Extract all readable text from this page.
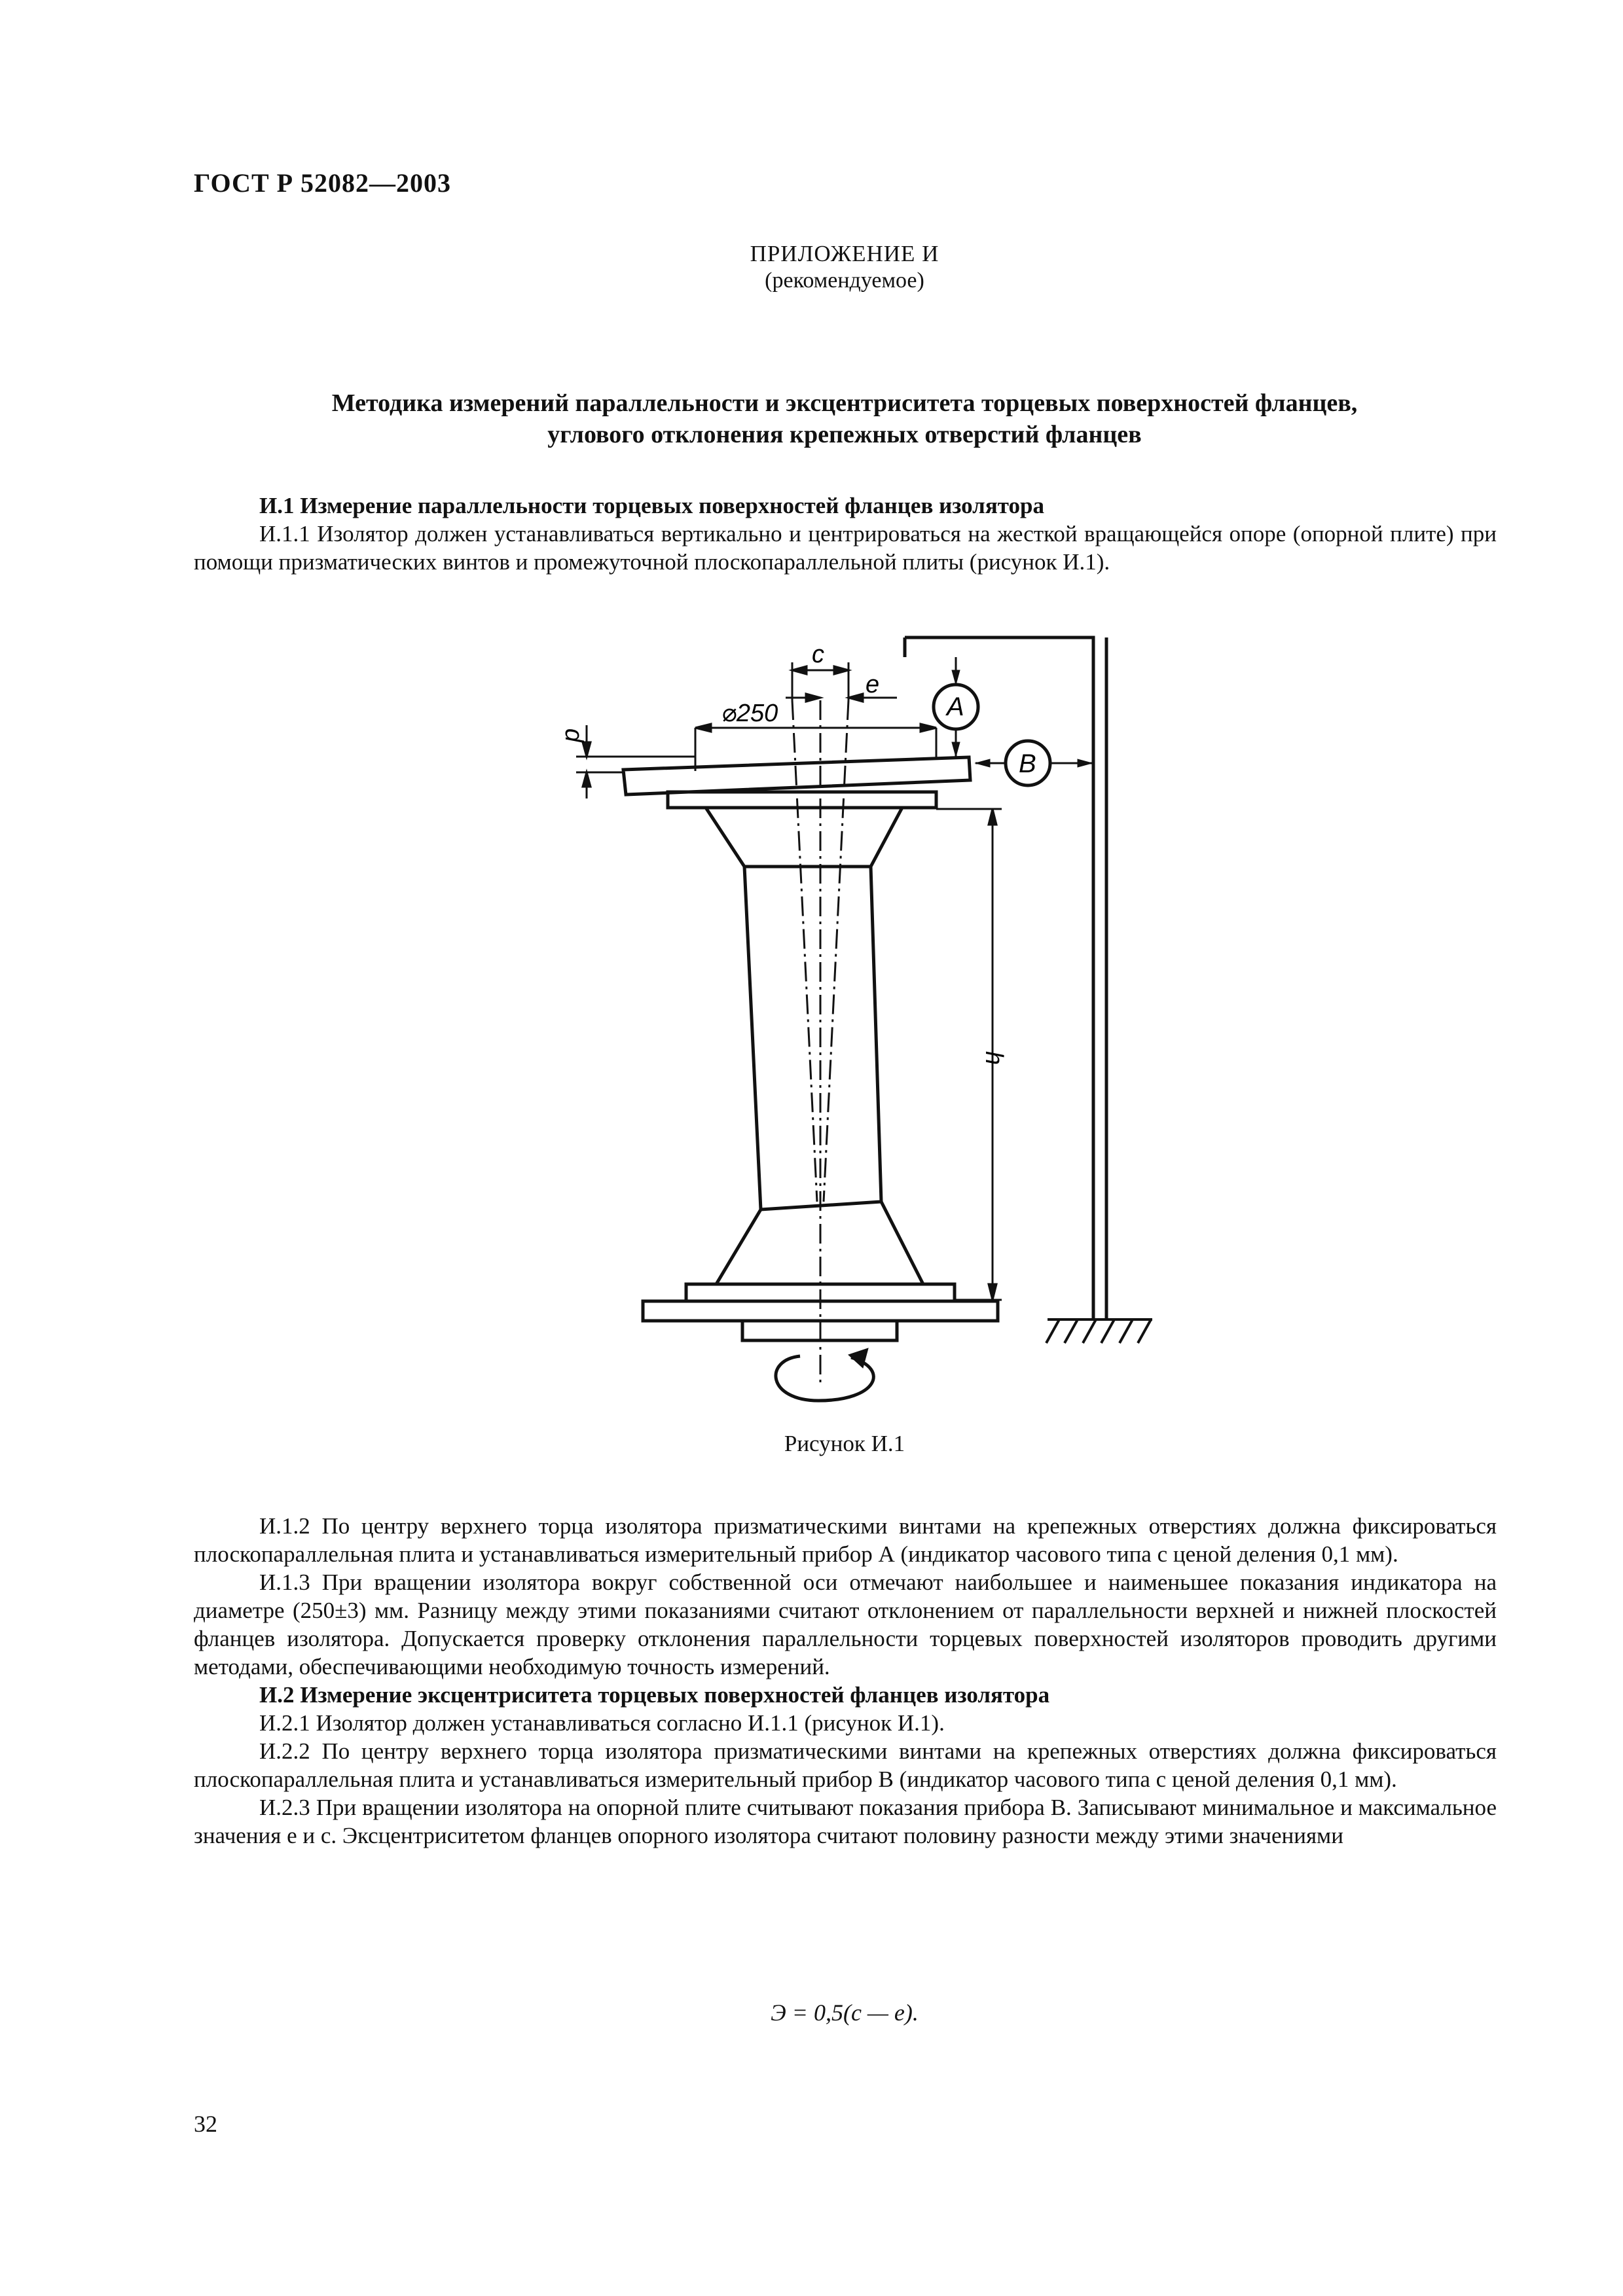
ГОСТ Р 52082—2003
ПРИЛОЖЕНИЕ И
(рекомендуемое)
Методика измерений параллельности и эксцентриситета торцевых поверхностей фланцев,
углового отклонения крепежных отверстий фланцев
И.1 Измерение параллельности торцевых поверхностей фланцев изолятора

И.1.1 Изолятор должен устанавливаться вертикально и центрироваться на жесткой вращающейся опоре (опорной плите) при помощи призматических винтов и промежуточной плоскопараллельной плиты (рисунок И.1).

c
e
⌀250
p
h
A
B
Рисунок И.1

И.1.2 По центру верхнего торца изолятора призматическими винтами на крепежных отверстиях должна фиксироваться плоскопараллельная плита и устанавливаться измерительный прибор А (индикатор часового типа с ценой деления 0,1 мм).

И.1.3 При вращении изолятора вокруг собственной оси отмечают наибольшее и наименьшее показания индикатора на диаметре (250±3) мм. Разницу между этими показаниями считают отклонением от параллельности верхней и нижней плоскостей фланцев изолятора. Допускается проверку отклонения параллельности торцевых поверхностей изоляторов проводить другими методами, обеспечивающими необходимую точность измерений.

И.2 Измерение эксцентриситета торцевых поверхностей фланцев изолятора

И.2.1 Изолятор должен устанавливаться согласно И.1.1 (рисунок И.1).

И.2.2 По центру верхнего торца изолятора призматическими винтами на крепежных отверстиях должна фиксироваться плоскопараллельная плита и устанавливаться измерительный прибор В (индикатор часового типа с ценой деления 0,1 мм).

И.2.3 При вращении изолятора на опорной плите считывают показания прибора В. Записывают минимальное и максимальное значения е и с. Эксцентриситетом фланцев опорного изолятора считают половину разности между этими значениями

Э = 0,5(с — е).
32
